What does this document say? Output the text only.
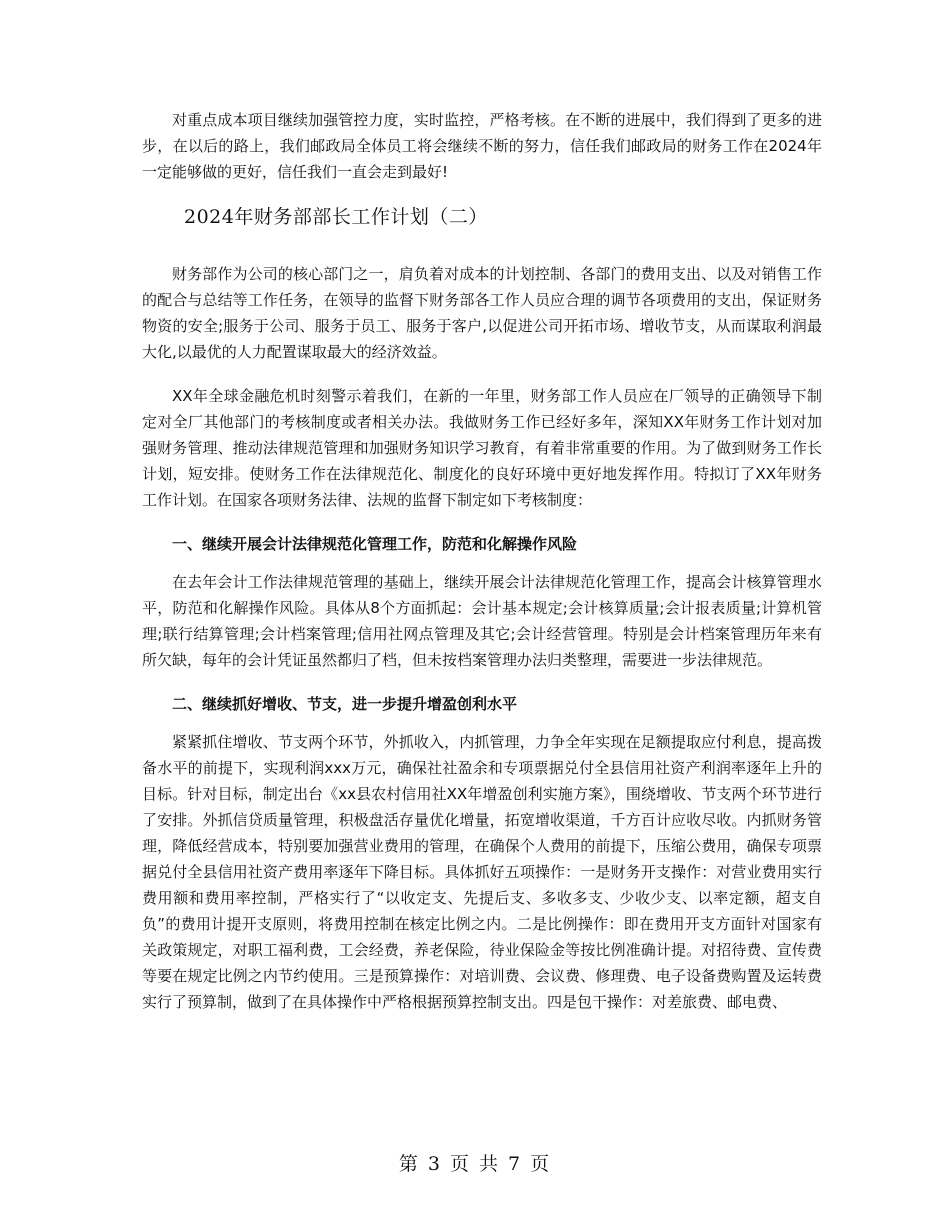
对重点成本项目继续加强管控力度，实时监控，严格考核。在不断的进展中，我们得到了更多的进步，在以后的路上，我们邮政局全体员工将会继续不断的努力，信任我们邮政局的财务工作在2024年一定能够做的更好，信任我们一直会走到最好!

2024年财务部部长工作计划（二）

财务部作为公司的核心部门之一，肩负着对成本的计划控制、各部门的费用支出、以及对销售工作的配合与总结等工作任务，在领导的监督下财务部各工作人员应合理的调节各项费用的支出，保证财务物资的安全;服务于公司、服务于员工、服务于客户,以促进公司开拓市场、增收节支，从而谋取利润最大化,以最优的人力配置谋取最大的经济效益。

XX年全球金融危机时刻警示着我们，在新的一年里，财务部工作人员应在厂领导的正确领导下制定对全厂其他部门的考核制度或者相关办法。我做财务工作已经好多年，深知XX年财务工作计划对加强财务管理、推动法律规范管理和加强财务知识学习教育，有着非常重要的作用。为了做到财务工作长计划，短安排。使财务工作在法律规范化、制度化的良好环境中更好地发挥作用。特拟订了XX年财务工作计划。在国家各项财务法律、法规的监督下制定如下考核制度：

一、继续开展会计法律规范化管理工作，防范和化解操作风险

在去年会计工作法律规范管理的基础上，继续开展会计法律规范化管理工作，提高会计核算管理水平，防范和化解操作风险。具体从8个方面抓起：会计基本规定;会计核算质量;会计报表质量;计算机管理;联行结算管理;会计档案管理;信用社网点管理及其它;会计经营管理。特别是会计档案管理历年来有所欠缺，每年的会计凭证虽然都归了档，但未按档案管理办法归类整理，需要进一步法律规范。

二、继续抓好增收、节支，进一步提升增盈创利水平

紧紧抓住增收、节支两个环节，外抓收入，内抓管理，力争全年实现在足额提取应付利息，提高拨备水平的前提下，实现利润xxx万元，确保社社盈余和专项票据兑付全县信用社资产利润率逐年上升的目标。针对目标，制定出台《xx县农村信用社XX年增盈创利实施方案》，围绕增收、节支两个环节进行了安排。外抓信贷质量管理，积极盘活存量优化增量，拓宽增收渠道，千方百计应收尽收。内抓财务管理，降低经营成本，特别要加强营业费用的管理，在确保个人费用的前提下，压缩公费用，确保专项票据兑付全县信用社资产费用率逐年下降目标。具体抓好五项操作：一是财务开支操作：对营业费用实行费用额和费用率控制，严格实行了“以收定支、先提后支、多收多支、少收少支、以率定额，超支自负”的费用计提开支原则，将费用控制在核定比例之内。二是比例操作：即在费用开支方面针对国家有关政策规定，对职工福利费，工会经费，养老保险，待业保险金等按比例准确计提。对招待费、宣传费等要在规定比例之内节约使用。三是预算操作：对培训费、会议费、修理费、电子设备费购置及运转费实行了预算制，做到了在具体操作中严格根据预算控制支出。四是包干操作：对差旅费、邮电费、

第 3 页 共 7 页
